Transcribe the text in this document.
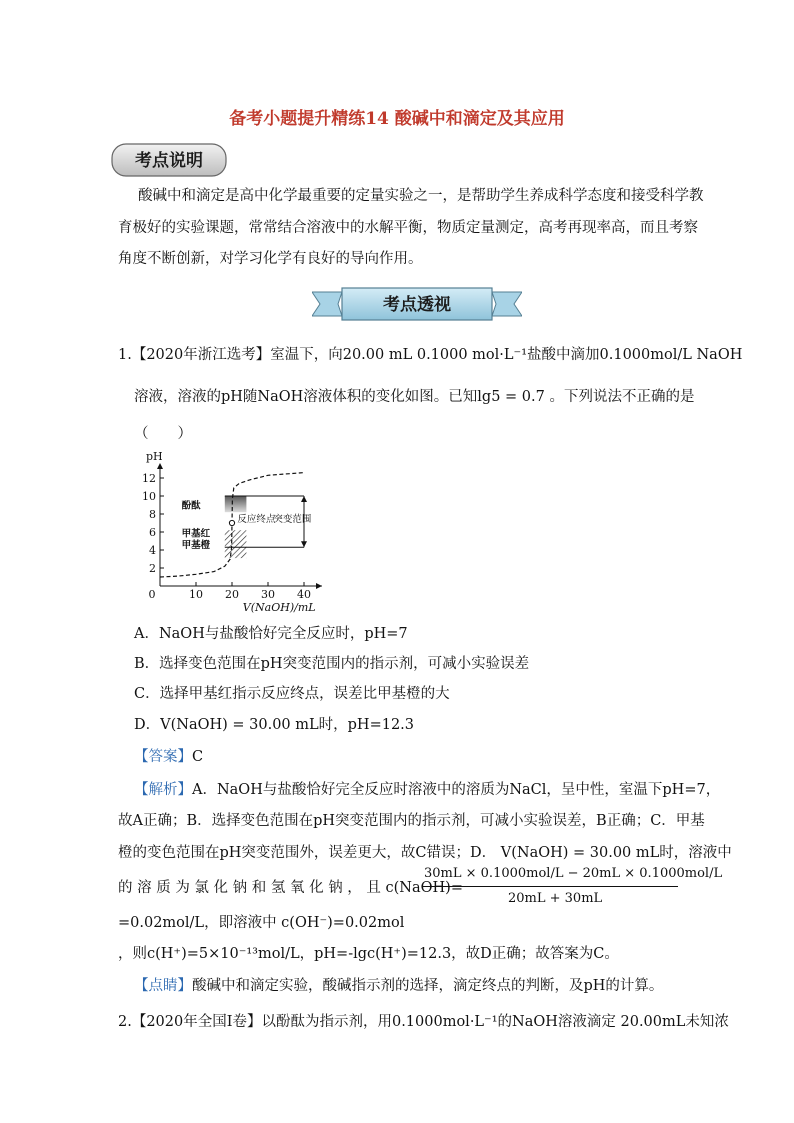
备考小题提升精练14 酸碱中和滴定及其应用
考点说明
酸碱中和滴定是高中化学最重要的定量实验之一，是帮助学生养成科学态度和接受科学教
育极好的实验课题，常常结合溶液中的水解平衡，物质定量测定，高考再现率高，而且考察
角度不断创新，对学习化学有良好的导向作用。
考点透视
1.【2020年浙江选考】室温下，向20.00 mL 0.1000 mol·L⁻¹盐酸中滴加0.1000mol/L NaOH
溶液，溶液的pH随NaOH溶液体积的变化如图。已知lg5 = 0.7 。下列说法不正确的是
（　　）
2
4
6
8
10
12
0	10 20 30 40
pH
V(NaOH)/mL
酚酞
甲基红
甲基橙
反应终点
突变范围
A．NaOH与盐酸恰好完全反应时，pH=7
B．选择变色范围在pH突变范围内的指示剂，可减小实验误差
C．选择甲基红指示反应终点，误差比甲基橙的大
D．V(NaOH) = 30.00 mL时，pH=12.3
【答案】C
【解析】A．NaOH与盐酸恰好完全反应时溶液中的溶质为NaCl，呈中性，室温下pH=7，
故A正确；B．选择变色范围在pH突变范围内的指示剂，可减小实验误差，B正确；C．甲基
橙的变色范围在pH突变范围外，误差更大，故C错误；D． V(NaOH) = 30.00 mL时，溶液中
的 溶 质 为 氯 化 钠 和 氢 氧 化 钠 ， 且 c(NaOH)=
30mL × 0.1000mol/L − 20mL × 0.1000mol/L
20mL + 30mL
=0.02mol/L，即溶液中 c(OH⁻)=0.02mol
，则c(H⁺)=5×10⁻¹³mol/L，pH=-lgc(H⁺)=12.3，故D正确；故答案为C。
【点睛】酸碱中和滴定实验，酸碱指示剂的选择，滴定终点的判断，及pH的计算。
2.【2020年全国Ⅰ卷】以酚酞为指示剂，用0.1000mol·L⁻¹的NaOH溶液滴定 20.00mL未知浓
